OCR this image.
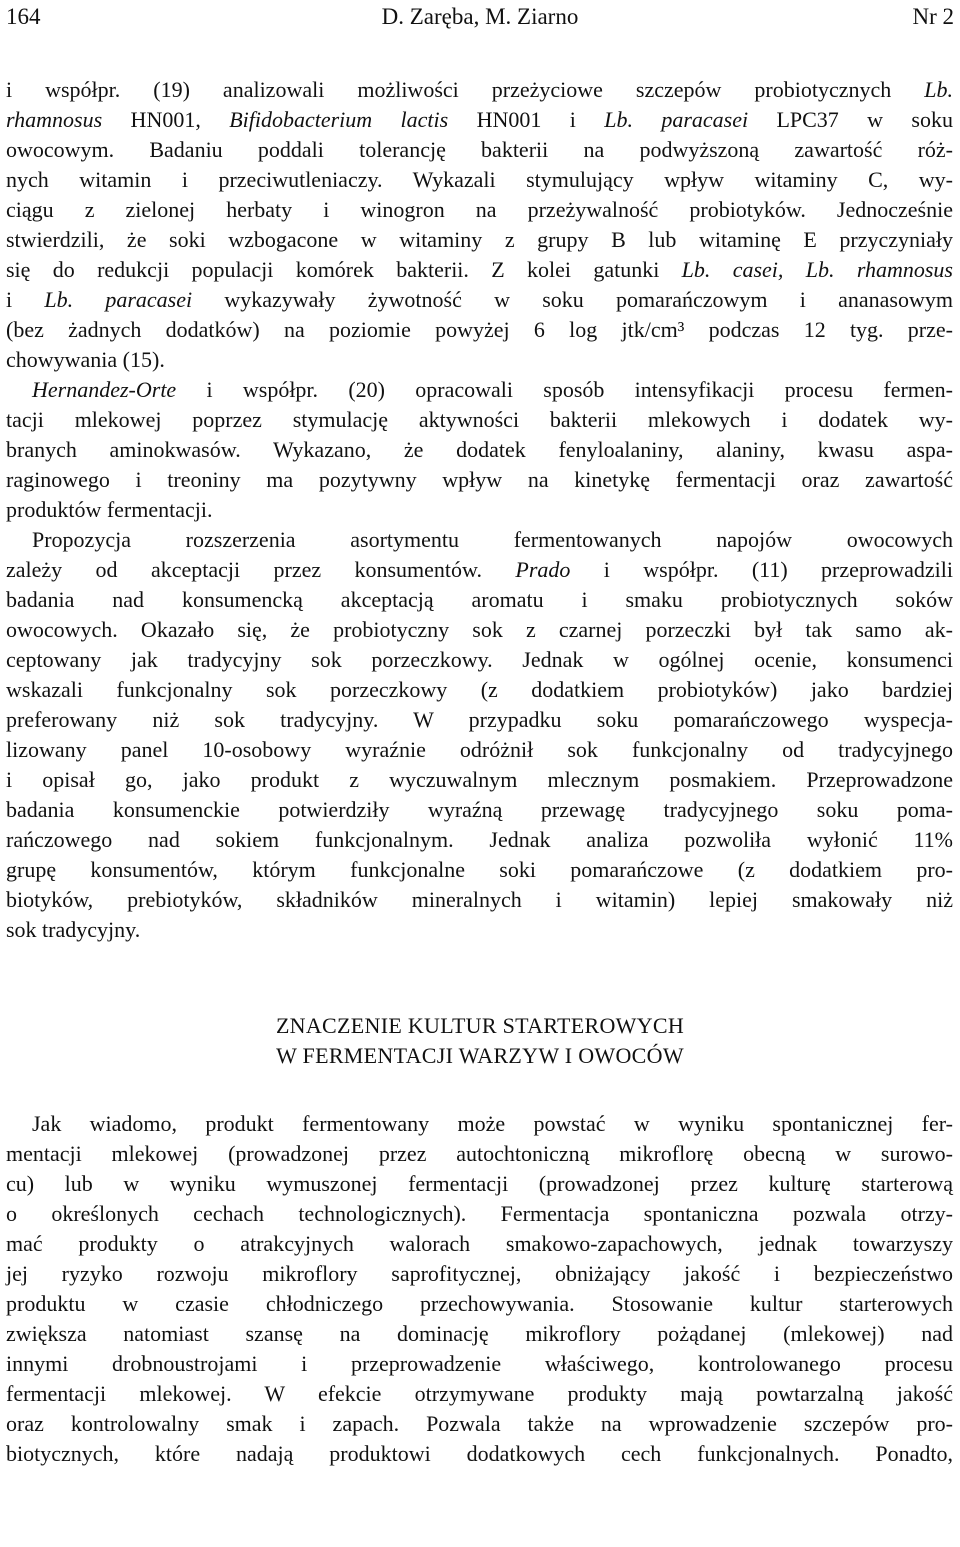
164	D. Zaręba, M. Ziarno	Nr 2
i współpr. (19) analizowali możliwości przeżyciowe szczepów probiotycznych Lb.
rhamnosus HN001, Bifidobacterium lactis HN001 i Lb. paracasei LPC37 w soku
owocowym. Badaniu poddali tolerancję bakterii na podwyższoną zawartość róż-
nych witamin i przeciwutleniaczy. Wykazali stymulujący wpływ witaminy C, wy-
ciągu z zielonej herbaty i winogron na przeżywalność probiotyków. Jednocześnie
stwierdzili, że soki wzbogacone w witaminy z grupy B lub witaminę E przyczyniały
się do redukcji populacji komórek bakterii. Z kolei gatunki Lb. casei, Lb. rhamnosus
i Lb. paracasei wykazywały żywotność w soku pomarańczowym i ananasowym
(bez żadnych dodatków) na poziomie powyżej 6 log jtk/cm³ podczas 12 tyg. prze-
chowywania (15).
Hernandez-Orte i współpr. (20) opracowali sposób intensyfikacji procesu fermen-
tacji mlekowej poprzez stymulację aktywności bakterii mlekowych i dodatek wy-
branych aminokwasów. Wykazano, że dodatek fenyloalaniny, alaniny, kwasu aspa-
raginowego i treoniny ma pozytywny wpływ na kinetykę fermentacji oraz zawartość
produktów fermentacji.
Propozycja rozszerzenia asortymentu fermentowanych napojów owocowych
zależy od akceptacji przez konsumentów. Prado i współpr. (11) przeprowadzili
badania nad konsumencką akceptacją aromatu i smaku probiotycznych soków
owocowych. Okazało się, że probiotyczny sok z czarnej porzeczki był tak samo ak-
ceptowany jak tradycyjny sok porzeczkowy. Jednak w ogólnej ocenie, konsumenci
wskazali funkcjonalny sok porzeczkowy (z dodatkiem probiotyków) jako bardziej
preferowany niż sok tradycyjny. W przypadku soku pomarańczowego wyspecja-
lizowany panel 10-osobowy wyraźnie odróżnił sok funkcjonalny od tradycyjnego
i opisał go, jako produkt z wyczuwalnym mlecznym posmakiem. Przeprowadzone
badania konsumenckie potwierdziły wyraźną przewagę tradycyjnego soku poma-
rańczowego nad sokiem funkcjonalnym. Jednak analiza pozwoliła wyłonić 11%
grupę konsumentów, którym funkcjonalne soki pomarańczowe (z dodatkiem pro-
biotyków, prebiotyków, składników mineralnych i witamin) lepiej smakowały niż
sok tradycyjny.
ZNACZENIE KULTUR STARTEROWYCH
W FERMENTACJI WARZYW I OWOCÓW
Jak wiadomo, produkt fermentowany może powstać w wyniku spontanicznej fer-
mentacji mlekowej (prowadzonej przez autochtoniczną mikroflorę obecną w surowo-
cu) lub w wyniku wymuszonej fermentacji (prowadzonej przez kulturę starterową
o określonych cechach technologicznych). Fermentacja spontaniczna pozwala otrzy-
mać produkty o atrakcyjnych walorach smakowo-zapachowych, jednak towarzyszy
jej ryzyko rozwoju mikroflory saprofitycznej, obniżający jakość i bezpieczeństwo
produktu w czasie chłodniczego przechowywania. Stosowanie kultur starterowych
zwiększa natomiast szansę na dominację mikroflory pożądanej (mlekowej) nad
innymi drobnoustrojami i przeprowadzenie właściwego, kontrolowanego procesu
fermentacji mlekowej. W efekcie otrzymywane produkty mają powtarzalną jakość
oraz kontrolowalny smak i zapach. Pozwala także na wprowadzenie szczepów pro-
biotycznych, które nadają produktowi dodatkowych cech funkcjonalnych. Ponadto,
